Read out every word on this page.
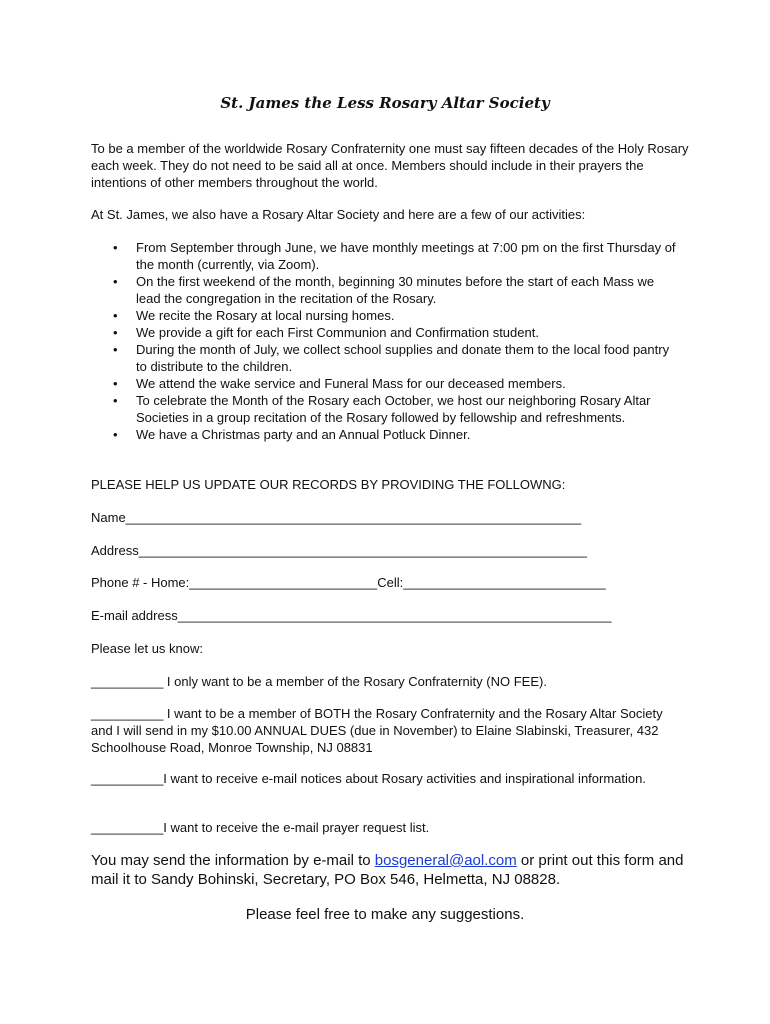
St. James the Less Rosary Altar Society
To be a member of the worldwide Rosary Confraternity one must say fifteen decades of the Holy Rosary each week. They do not need to be said all at once. Members should include in their prayers the intentions of other members throughout the world.
At St. James, we also have a Rosary Altar Society and here are a few of our activities:
• From September through June, we have monthly meetings at 7:00 pm on the first Thursday of the month (currently, via Zoom).
• On the first weekend of the month, beginning 30 minutes before the start of each Mass we lead the congregation in the recitation of the Rosary.
• We recite the Rosary at local nursing homes.
• We provide a gift for each First Communion and Confirmation student.
• During the month of July, we collect school supplies and donate them to the local food pantry to distribute to the children.
• We attend the wake service and Funeral Mass for our deceased members.
• To celebrate the Month of the Rosary each October, we host our neighboring Rosary Altar Societies in a group recitation of the Rosary followed by fellowship and refreshments.
• We have a Christmas party and an Annual Potluck Dinner.
PLEASE HELP US UPDATE OUR RECORDS BY PROVIDING THE FOLLOWNG:
Name_______________________________________________________________
Address______________________________________________________________
Phone # - Home:__________________________Cell:____________________________
E-mail address____________________________________________________________
Please let us know:
__________ I only want to be a member of the Rosary Confraternity (NO FEE).
__________ I want to be a member of BOTH the Rosary Confraternity and the Rosary Altar Society and I will send in my $10.00 ANNUAL DUES (due in November) to Elaine Slabinski, Treasurer, 432 Schoolhouse Road, Monroe Township, NJ 08831
__________I want to receive e-mail notices about Rosary activities and inspirational information.
__________I want to receive the e-mail prayer request list.
You may send the information by e-mail to bosgeneral@aol.com or print out this form and mail it to Sandy Bohinski, Secretary, PO Box 546, Helmetta, NJ 08828.
Please feel free to make any suggestions.
